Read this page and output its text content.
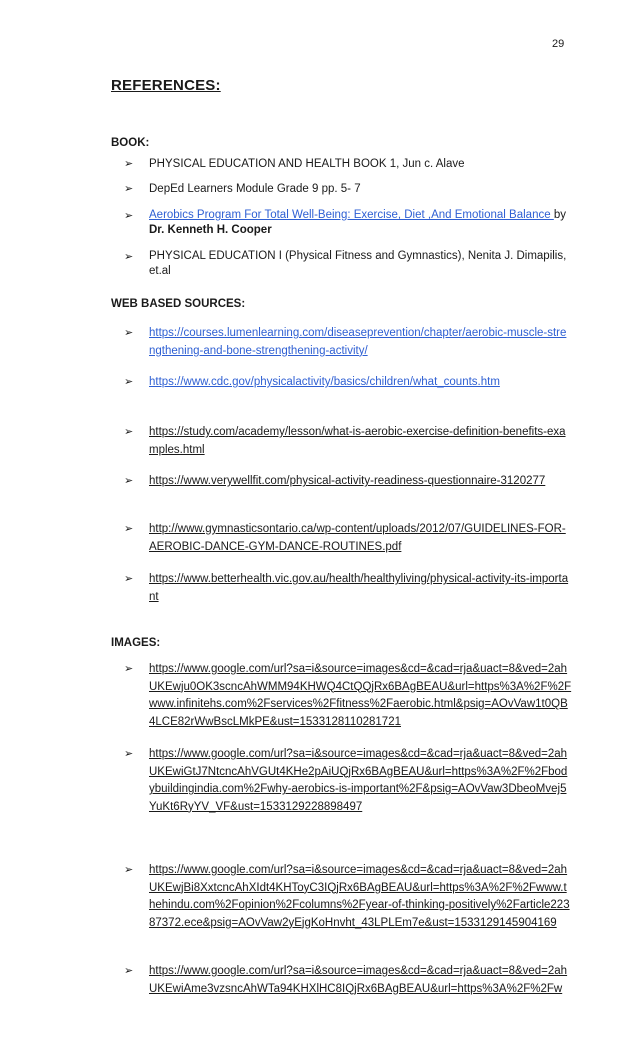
29
REFERENCES:
BOOK:
➢ PHYSICAL EDUCATION AND HEALTH BOOK 1, Jun c. Alave
➢ DepEd Learners Module Grade 9 pp. 5- 7
➢ Aerobics Program For Total Well-Being: Exercise, Diet ,And Emotional Balance by Dr. Kenneth H. Cooper
➢ PHYSICAL EDUCATION I (Physical Fitness and Gymnastics), Nenita J. Dimapilis, et.al
WEB BASED SOURCES:
➢ https://courses.lumenlearning.com/diseaseprevention/chapter/aerobic-muscle-strengthening-and-bone-strengthening-activity/
➢ https://www.cdc.gov/physicalactivity/basics/children/what_counts.htm
➢ https://study.com/academy/lesson/what-is-aerobic-exercise-definition-benefits-examples.html
➢ https://www.verywellfit.com/physical-activity-readiness-questionnaire-3120277
➢ http://www.gymnasticsontario.ca/wp-content/uploads/2012/07/GUIDELINES-FOR-AEROBIC-DANCE-GYM-DANCE-ROUTINES.pdf
➢ https://www.betterhealth.vic.gov.au/health/healthyliving/physical-activity-its-important
IMAGES:
➢ https://www.google.com/url?sa=i&source=images&cd=&cad=rja&uact=8&ved=2ahUKEwju0OK3scncAhWMM94KHWQ4CtQQjRx6BAgBEAU&url=https%3A%2F%2Fwww.infinitehs.com%2Fservices%2Ffitness%2Faerobic.html&psig=AOvVaw1t0QB4LCE82rWwBscLMkPE&ust=1533128110281721
➢ https://www.google.com/url?sa=i&source=images&cd=&cad=rja&uact=8&ved=2ahUKEwiGtJ7NtcncAhVGUt4KHe2pAiUQjRx6BAgBEAU&url=https%3A%2F%2Fbodybuildingindia.com%2Fwhy-aerobics-is-important%2F&psig=AOvVaw3DbeoMvej5YuKt6RyYV_VF&ust=1533129228898497
➢ https://www.google.com/url?sa=i&source=images&cd=&cad=rja&uact=8&ved=2ahUKEwjBi8XxtcncAhXIdt4KHToyC3IQjRx6BAgBEAU&url=https%3A%2F%2Fwww.thehindu.com%2Fopinion%2Fcolumns%2Fyear-of-thinking-positively%2Farticle22387372.ece&psig=AOvVaw2yEjgKoHnvht_43LPLEm7e&ust=1533129145904169
➢ https://www.google.com/url?sa=i&source=images&cd=&cad=rja&uact=8&ved=2ahUKEwiAme3vzsncAhWTa94KHXlHC8IQjRx6BAgBEAU&url=https%3A%2F%2Fw
